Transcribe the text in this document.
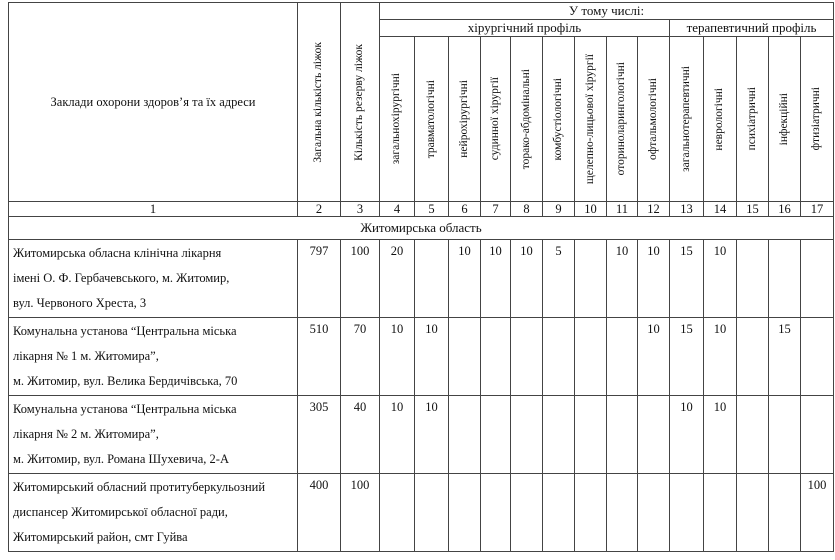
Заклади охорони здоров’я та їх адреси	Загальна кількість ліжок	Кількість резерву ліжок	У тому числі:													
			хірургічний профіль									терапевтичний профіль				

			загальнохірургічні	травматологічні	нейрохірургічні	судинної хірургії	торако-абдомінальні	комбустіологічні	щелепно-лицьової хірургії	оториноларингологічні	офтальмологічні	загальнотерапевтичні	неврологічні	психіатричні	інфекційні	фтизіатричні

1	2	3	4	5	6	7	8	9	10	11	12	13	14	15	16	17
Житомирська область																

Житомирська обласна клінічна лікарня
імені О. Ф. Гербачевського, м. Житомир,
вул. Червоного Хреста, 3	797	100	20		10	10	10	5		10	10	15	10			

Комунальна установа “Центральна міська
лікарня № 1 м. Житомира”,
м. Житомир, вул. Велика Бердичівська, 70	510	70	10	10							10	15	10		15	

Комунальна установа “Центральна міська
лікарня № 2 м. Житомира”,
м. Житомир, вул. Романа Шухевича, 2-А	305	40	10	10								10	10			

Житомирський обласний протитуберкульозний
диспансер Житомирської обласної ради,
Житомирський район, смт Гуйва	400	100														100
